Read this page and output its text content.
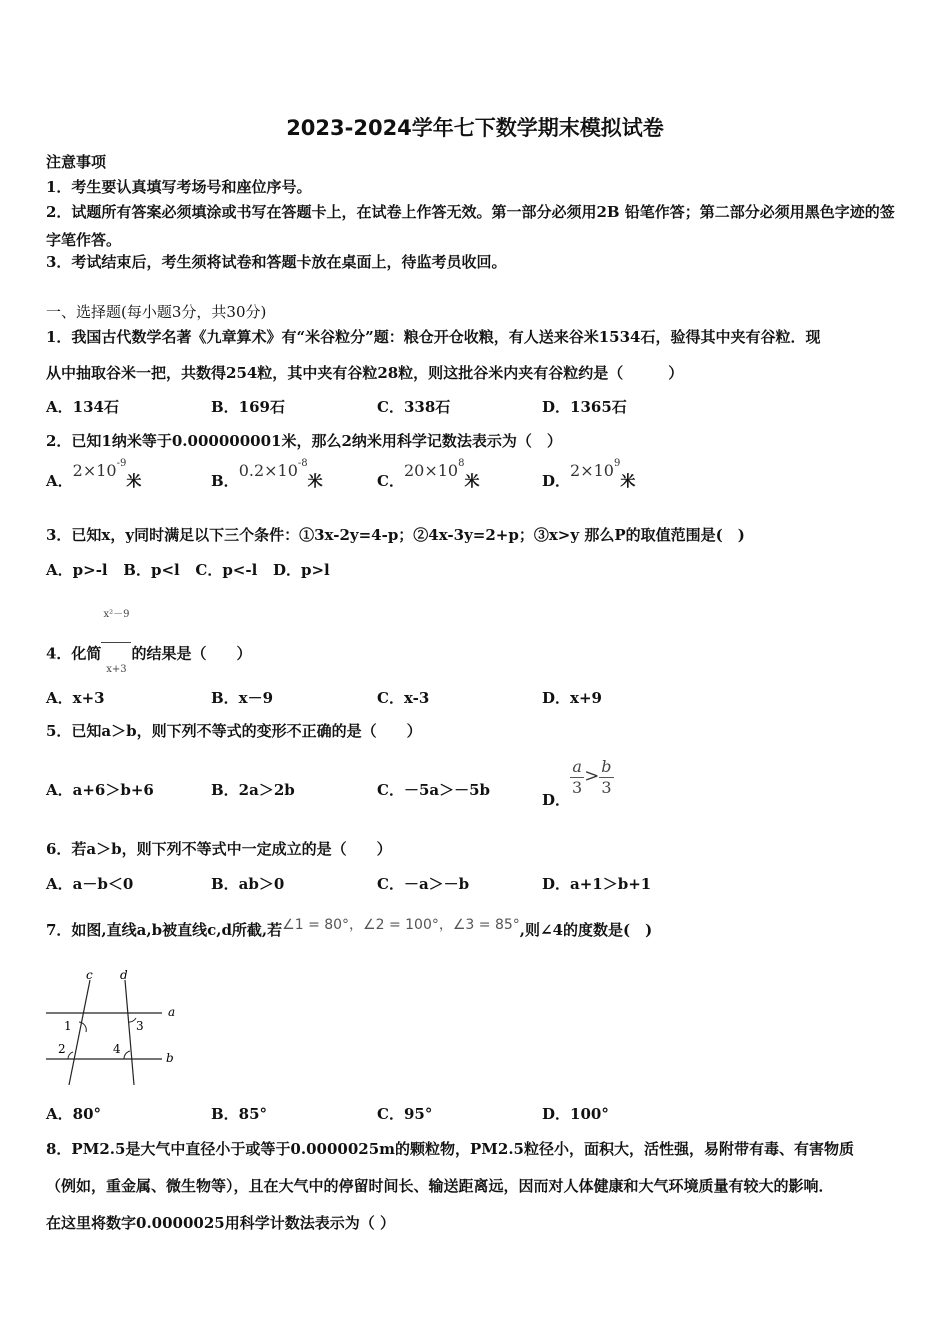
2023-2024学年七下数学期末模拟试卷
注意事项
1．考生要认真填写考场号和座位序号。
2．试题所有答案必须填涂或书写在答题卡上，在试卷上作答无效。第一部分必须用2B 铅笔作答；第二部分必须用黑色字迹的签字笔作答。
3．考试结束后，考生须将试卷和答题卡放在桌面上，待监考员收回。
一、选择题(每小题3分，共30分)
1．我国古代数学名著《九章算术》有“米谷粒分”题：粮仓开仓收粮，有人送来谷米1534石，验得其中夹有谷粒．现
从中抽取谷米一把，共数得254粒，其中夹有谷粒28粒，则这批谷米内夹有谷粒约是（　　　）
A．134石	B．169石	C．338石	D．1365石
2．已知1纳米等于0.000000001米，那么2纳米用科学记数法表示为（　）
A．$2\times 10^{-9}$米	B．$0.2\times 10^{-8}$米	C．$20\times 10^8$米	D．$2\times 10^9$米
3．已知x，y同时满足以下三个条件：①3x-2y=4-p；②4x-3y=2+p；③x>y 那么P的取值范围是(　)
A．p>-l   B．p<l   C．p<-l   D．p>l
4．化简 $\frac{\text{x²－9}}{x+3}$ 的结果是（　　）
A．x+3	B．x－9	C．x-3	D．x+9
5．已知a＞b，则下列不等式的变形不正确的是（　　）
A．a+6＞b+6	B．2a＞2b	C．－5a＞－5b
D．
$\frac{a}{3} > \frac{b}{3}$
6．若a＞b，则下列不等式中一定成立的是（　　）
A．a－b＜0	B．ab＞0	C．－a＞－b	D．a+1＞b+1
7．如图,直线a,b被直线c,d所截,若∠1 = 80°，∠2 = 100°，∠3 = 85°,则∠4的度数是(　)
c d
a
b
1	3
2	4
A．80°	B．85°	C．95°	D．100°
8．PM2.5是大气中直径小于或等于0.0000025m的颗粒物，PM2.5粒径小，面积大，活性强，易附带有毒、有害物质
（例如，重金属、微生物等），且在大气中的停留时间长、输送距离远，因而对人体健康和大气环境质量有较大的影响．
在这里将数字0.0000025用科学计数法表示为（ ）
